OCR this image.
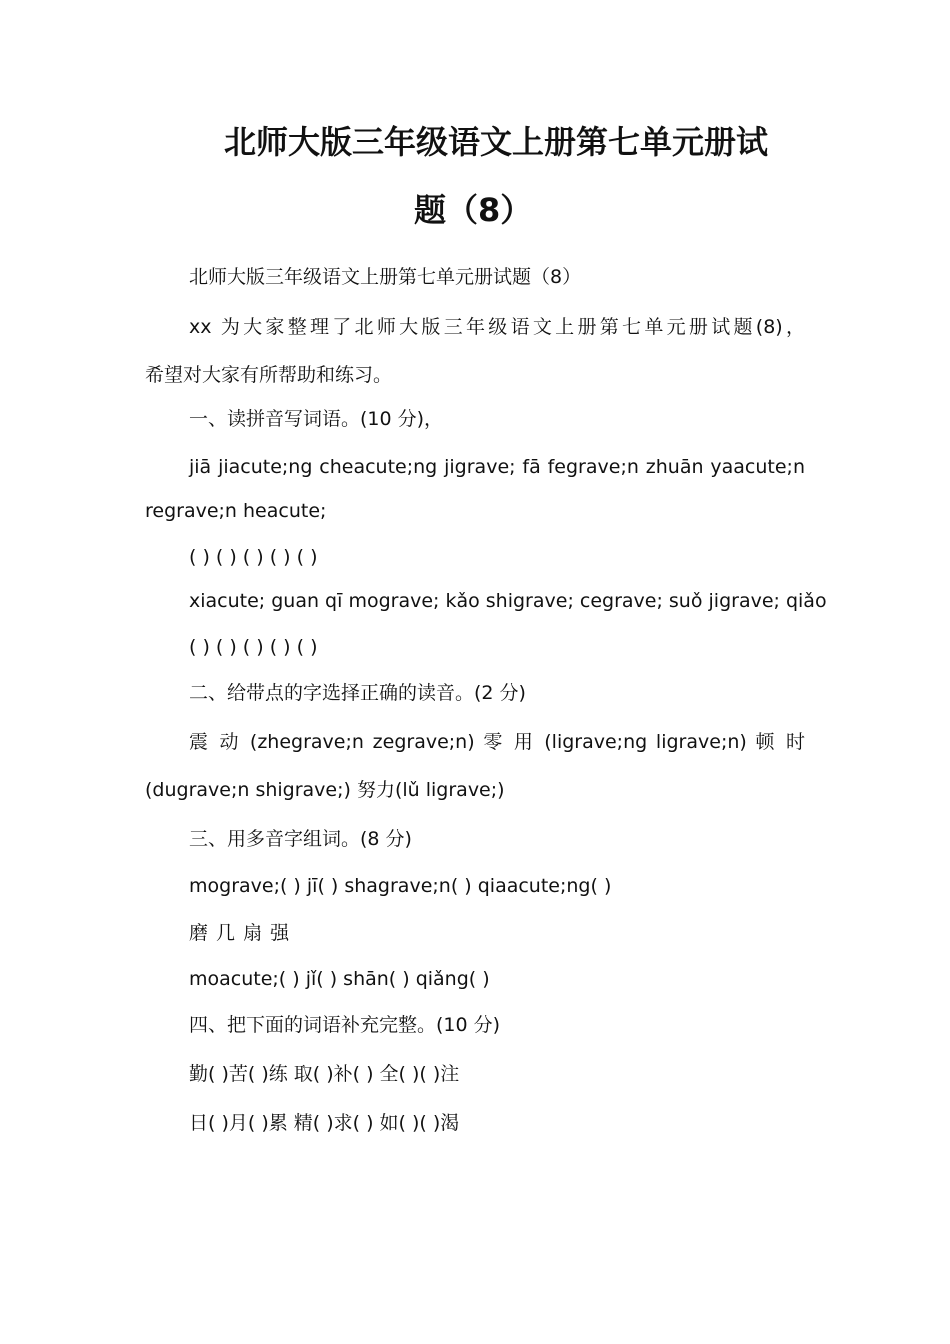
北师大版三年级语文上册第七单元册试
题（8）
北师大版三年级语文上册第七单元册试题（8）
xx 为大家整理了北师大版三年级语文上册第七单元册试题(8)，
希望对大家有所帮助和练习。
一、读拼音写词语。(10 分)，
jiā jiacute;ng cheacute;ng jigrave; fā fegrave;n zhuān yaacute;n
regrave;n heacute;
( ) ( ) ( ) ( ) ( )
xiacute; guan qī mograve; kǎo shigrave; cegrave; suǒ jigrave; qiǎo
( ) ( ) ( ) ( ) ( )
二、给带点的字选择正确的读音。(2 分)
震 动 (zhegrave;n zegrave;n) 零 用 (ligrave;ng ligrave;n) 顿 时
(dugrave;n shigrave;) 努力(lǔ ligrave;)
三、用多音字组词。(8 分)
mograve;( ) jī( ) shagrave;n( ) qiaacute;ng( )
磨 几 扇 强
moacute;( ) jǐ( ) shān( ) qiǎng( )
四、把下面的词语补充完整。(10 分)
勤( )苦( )练 取( )补( ) 全( )( )注
日( )月( )累 精( )求( ) 如( )( )渴
